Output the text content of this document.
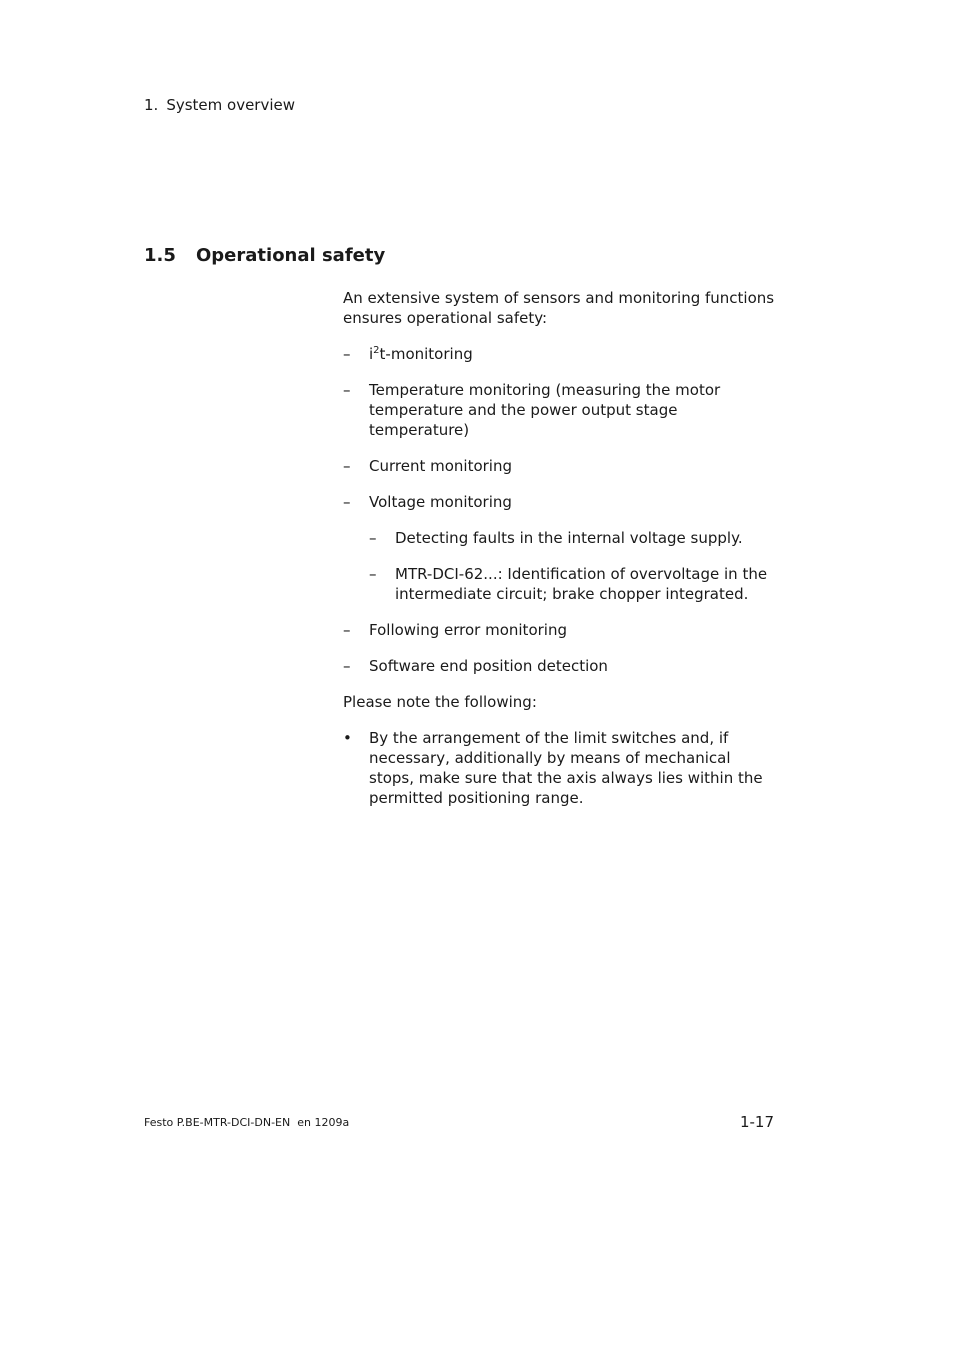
1. System overview
1.5 Operational safety

An extensive system of sensors and monitoring functions ensures operational safety:

– $i^2t$-monitoring
– Temperature monitoring (measuring the motor temperature and the power output stage temperature)
– Current monitoring
– Voltage monitoring
– Detecting faults in the internal voltage supply.
– MTR-DCI-62...: Identification of overvoltage in the intermediate circuit; brake chopper integrated.
– Following error monitoring
– Software end position detection

Please note the following:

• By the arrangement of the limit switches and, if necessary, additionally by means of mechanical stops, make sure that the axis always lies within the permitted positioning range.
Festo P.BE-MTR-DCI-DN-EN  en 1209a	1-17
